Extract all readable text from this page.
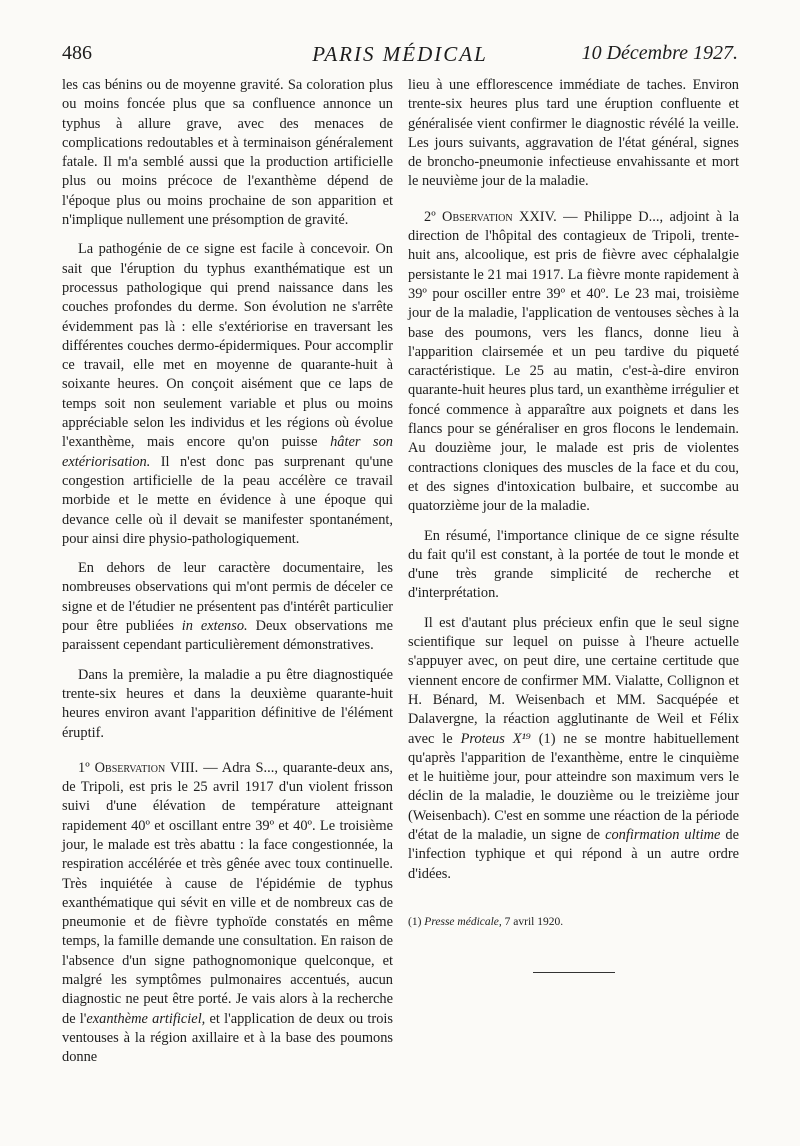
486	PARIS MÉDICAL	10 Décembre 1927.

les cas bénins ou de moyenne gravité. Sa coloration plus ou moins foncée plus que sa confluence annonce un typhus à allure grave, avec des menaces de complications redoutables et à terminaison généralement fatale. Il m'a semblé aussi que la production artificielle plus ou moins précoce de l'exanthème dépend de l'époque plus ou moins prochaine de son apparition et n'implique nullement une présomption de gravité.

La pathogénie de ce signe est facile à concevoir. On sait que l'éruption du typhus exanthématique est un processus pathologique qui prend naissance dans les couches profondes du derme. Son évolution ne s'arrête évidemment pas là : elle s'extériorise en traversant les différentes couches dermo-épidermiques. Pour accomplir ce travail, elle met en moyenne de quarante-huit à soixante heures. On conçoit aisément que ce laps de temps soit non seulement variable et plus ou moins appréciable selon les individus et les régions où évolue l'exanthème, mais encore qu'on puisse hâter son extériorisation. Il n'est donc pas surprenant qu'une congestion artificielle de la peau accélère ce travail morbide et le mette en évidence à une époque qui devance celle où il devait se manifester spontanément, pour ainsi dire physio-pathologiquement.

En dehors de leur caractère documentaire, les nombreuses observations qui m'ont permis de déceler ce signe et de l'étudier ne présentent pas d'intérêt particulier pour être publiées in extenso. Deux observations me paraissent cependant particulièrement démonstratives.

Dans la première, la maladie a pu être diagnostiquée trente-six heures et dans la deuxième quarante-huit heures environ avant l'apparition définitive de l'élément éruptif.

1º Observation VIII. — Adra S..., quarante-deux ans, de Tripoli, est pris le 25 avril 1917 d'un violent frisson suivi d'une élévation de température atteignant rapidement 40º et oscillant entre 39º et 40º. Le troisième jour, le malade est très abattu : la face congestionnée, la respiration accélérée et très gênée avec toux continuelle. Très inquiétée à cause de l'épidémie de typhus exanthématique qui sévit en ville et de nombreux cas de pneumonie et de fièvre typhoïde constatés en même temps, la famille demande une consultation. En raison de l'absence d'un signe pathognomonique quelconque, et malgré les symptômes pulmonaires accentués, aucun diagnostic ne peut être porté. Je vais alors à la recherche de l'exanthème artificiel, et l'application de deux ou trois ventouses à la région axillaire et à la base des poumons donne

lieu à une efflorescence immédiate de taches. Environ trente-six heures plus tard une éruption confluente et généralisée vient confirmer le diagnostic révélé la veille. Les jours suivants, aggravation de l'état général, signes de broncho-pneumonie infectieuse envahissante et mort le neuvième jour de la maladie.

2º Observation XXIV. — Philippe D..., adjoint à la direction de l'hôpital des contagieux de Tripoli, trente-huit ans, alcoolique, est pris de fièvre avec céphalalgie persistante le 21 mai 1917. La fièvre monte rapidement à 39º pour osciller entre 39º et 40º. Le 23 mai, troisième jour de la maladie, l'application de ventouses sèches à la base des poumons, vers les flancs, donne lieu à l'apparition clairsemée et un peu tardive du piqueté caractéristique. Le 25 au matin, c'est-à-dire environ quarante-huit heures plus tard, un exanthème irrégulier et foncé commence à apparaître aux poignets et dans les flancs pour se généraliser en gros flocons le lendemain. Au douzième jour, le malade est pris de violentes contractions cloniques des muscles de la face et du cou, et des signes d'intoxication bulbaire, et succombe au quatorzième jour de la maladie.

En résumé, l'importance clinique de ce signe résulte du fait qu'il est constant, à la portée de tout le monde et d'une très grande simplicité de recherche et d'interprétation.

Il est d'autant plus précieux enfin que le seul signe scientifique sur lequel on puisse à l'heure actuelle s'appuyer avec, on peut dire, une certaine certitude que viennent encore de confirmer MM. Vialatte, Collignon et H. Bénard, M. Weisenbach et MM. Sacquépée et Dalavergne, la réaction agglutinante de Weil et Félix avec le Proteus X¹⁹ (1) ne se montre habituellement qu'après l'apparition de l'exanthème, entre le cinquième et le huitième jour, pour atteindre son maximum vers le déclin de la maladie, le douzième ou le treizième jour (Weisenbach). C'est en somme une réaction de la période d'état de la maladie, un signe de confirmation ultime de l'infection typhique et qui répond à un autre ordre d'idées.

(1) Presse médicale, 7 avril 1920.
